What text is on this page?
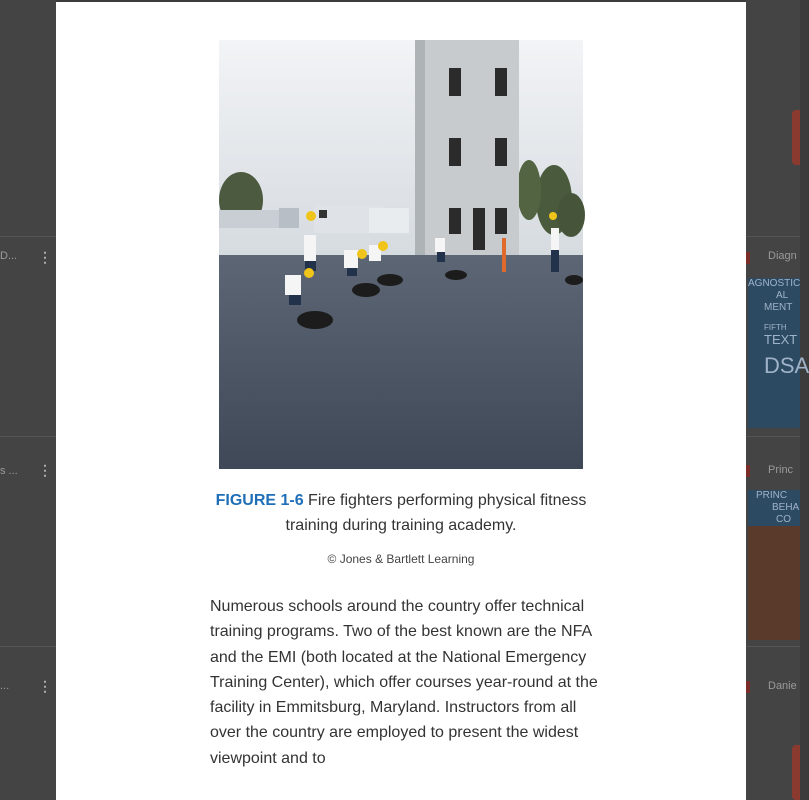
D...
s ...
...
⋮
⋮
⋮
Diagn
Princ
Danie
AGNOSTIC
AL
MENT
FIFTH
TEXT
DSA
PRINC
BEHA
CO
FIGURE 1-6 Fire fighters performing physical fitness training during training academy.
© Jones & Bartlett Learning
Numerous schools around the country offer technical training programs. Two of the best known are the NFA and the EMI (both located at the National Emergency Training Center), which offer courses year-round at the facility in Emmitsburg, Maryland. Instructors from all over the country are employed to present the widest viewpoint and to
